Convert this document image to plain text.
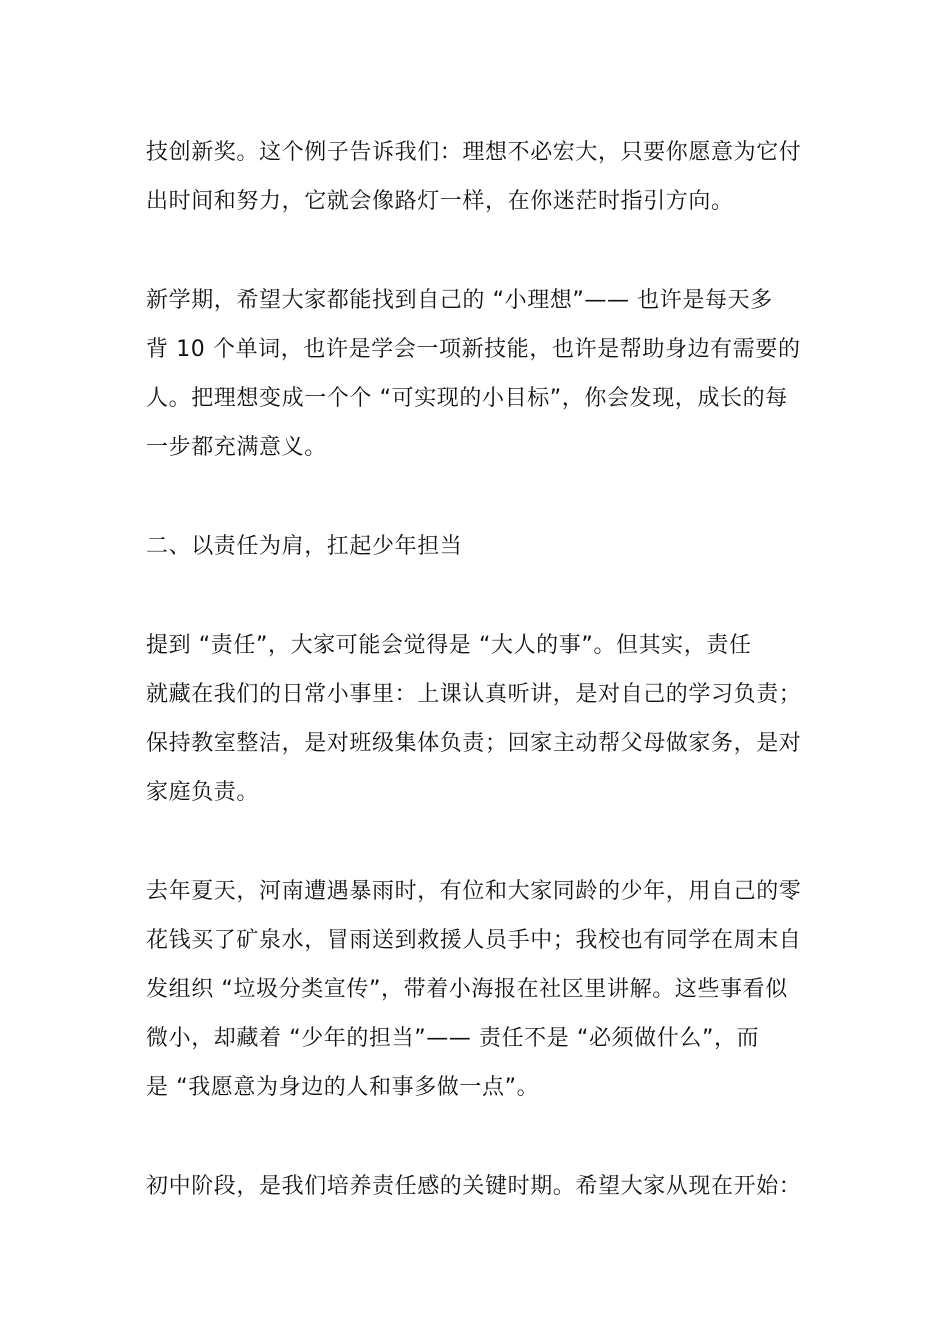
技创新奖。这个例子告诉我们：理想不必宏大，只要你愿意为它付

出时间和努力，它就会像路灯一样，在你迷茫时指引方向。

新学期，希望大家都能找到自己的 “小理想”—— 也许是每天多

背 10 个单词，也许是学会一项新技能，也许是帮助身边有需要的

人。把理想变成一个个 “可实现的小目标”，你会发现，成长的每

一步都充满意义。

二、以责任为肩，扛起少年担当

提到 “责任”，大家可能会觉得是 “大人的事”。但其实，责任

就藏在我们的日常小事里：上课认真听讲，是对自己的学习负责；

保持教室整洁，是对班级集体负责；回家主动帮父母做家务，是对

家庭负责。

去年夏天，河南遭遇暴雨时，有位和大家同龄的少年，用自己的零

花钱买了矿泉水，冒雨送到救援人员手中；我校也有同学在周末自

发组织 “垃圾分类宣传”，带着小海报在社区里讲解。这些事看似

微小，却藏着 “少年的担当”—— 责任不是 “必须做什么”，而

是 “我愿意为身边的人和事多做一点”。

初中阶段，是我们培养责任感的关键时期。希望大家从现在开始：
